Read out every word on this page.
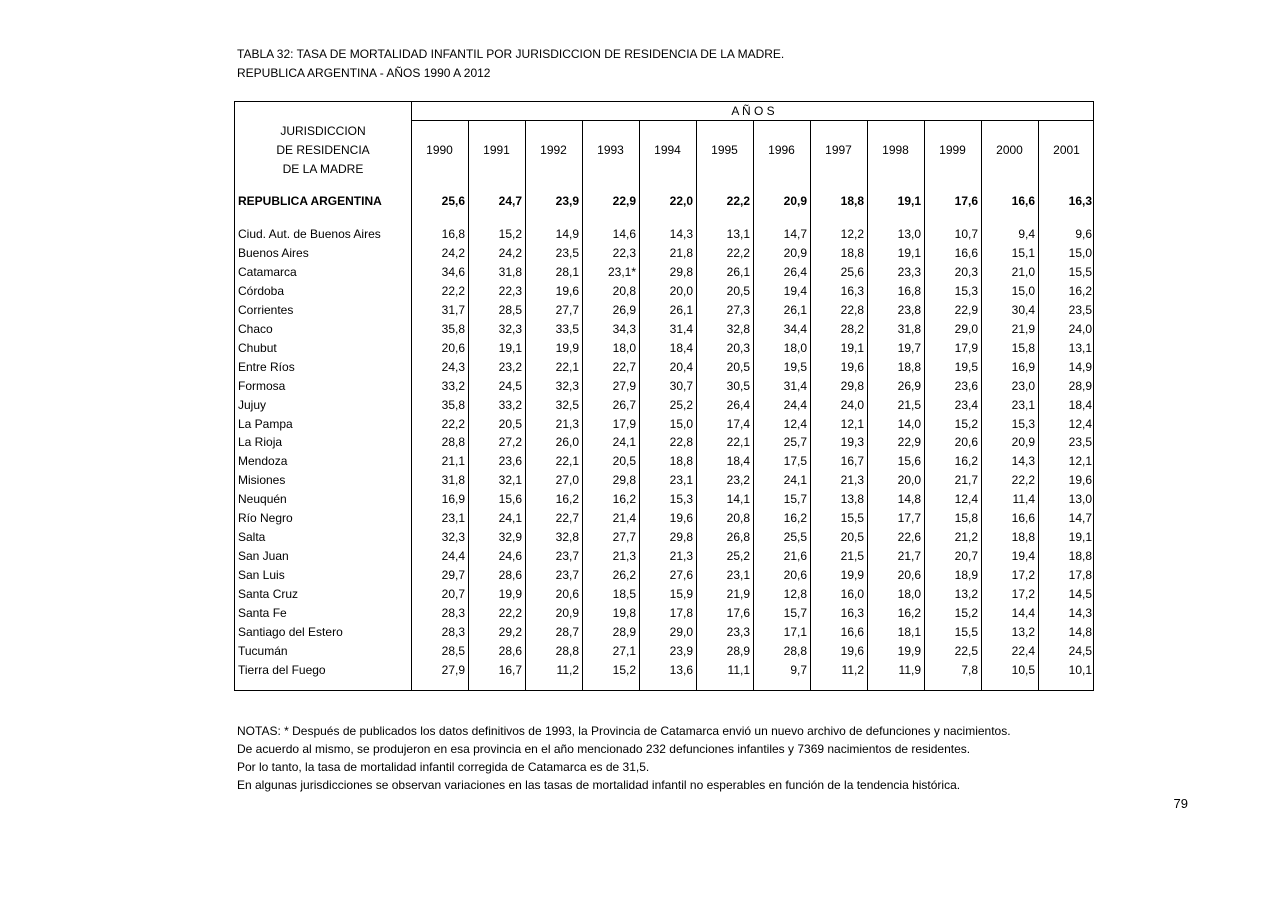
TABLA 32: TASA DE MORTALIDAD INFANTIL POR JURISDICCION DE RESIDENCIA DE LA MADRE.
REPUBLICA ARGENTINA - AÑOS 1990 A 2012
A Ñ O S
JURISDICCION
DE RESIDENCIA
DE LA MADRE
1990	1991	1992	1993	1994	1995	1996	1997	1998	1999	2000	2001
REPUBLICA ARGENTINA	25,6	24,7	23,9	22,9	22,0	22,2	20,9	18,8	19,1	17,6	16,6	16,3
Ciud. Aut. de Buenos Aires	16,8	15,2	14,9	14,6	14,3	13,1	14,7	12,2	13,0	10,7	9,4	9,6
Buenos Aires	24,2	24,2	23,5	22,3	21,8	22,2	20,9	18,8	19,1	16,6	15,1	15,0
Catamarca	34,6	31,8	28,1	23,1*	29,8	26,1	26,4	25,6	23,3	20,3	21,0	15,5
Córdoba	22,2	22,3	19,6	20,8	20,0	20,5	19,4	16,3	16,8	15,3	15,0	16,2
Corrientes	31,7	28,5	27,7	26,9	26,1	27,3	26,1	22,8	23,8	22,9	30,4	23,5
Chaco	35,8	32,3	33,5	34,3	31,4	32,8	34,4	28,2	31,8	29,0	21,9	24,0
Chubut	20,6	19,1	19,9	18,0	18,4	20,3	18,0	19,1	19,7	17,9	15,8	13,1
Entre Ríos	24,3	23,2	22,1	22,7	20,4	20,5	19,5	19,6	18,8	19,5	16,9	14,9
Formosa	33,2	24,5	32,3	27,9	30,7	30,5	31,4	29,8	26,9	23,6	23,0	28,9
Jujuy	35,8	33,2	32,5	26,7	25,2	26,4	24,4	24,0	21,5	23,4	23,1	18,4
La Pampa	22,2	20,5	21,3	17,9	15,0	17,4	12,4	12,1	14,0	15,2	15,3	12,4
La Rioja	28,8	27,2	26,0	24,1	22,8	22,1	25,7	19,3	22,9	20,6	20,9	23,5
Mendoza	21,1	23,6	22,1	20,5	18,8	18,4	17,5	16,7	15,6	16,2	14,3	12,1
Misiones	31,8	32,1	27,0	29,8	23,1	23,2	24,1	21,3	20,0	21,7	22,2	19,6
Neuquén	16,9	15,6	16,2	16,2	15,3	14,1	15,7	13,8	14,8	12,4	11,4	13,0
Río Negro	23,1	24,1	22,7	21,4	19,6	20,8	16,2	15,5	17,7	15,8	16,6	14,7
Salta	32,3	32,9	32,8	27,7	29,8	26,8	25,5	20,5	22,6	21,2	18,8	19,1
San Juan	24,4	24,6	23,7	21,3	21,3	25,2	21,6	21,5	21,7	20,7	19,4	18,8
San Luis	29,7	28,6	23,7	26,2	27,6	23,1	20,6	19,9	20,6	18,9	17,2	17,8
Santa Cruz	20,7	19,9	20,6	18,5	15,9	21,9	12,8	16,0	18,0	13,2	17,2	14,5
Santa Fe	28,3	22,2	20,9	19,8	17,8	17,6	15,7	16,3	16,2	15,2	14,4	14,3
Santiago del Estero	28,3	29,2	28,7	28,9	29,0	23,3	17,1	16,6	18,1	15,5	13,2	14,8
Tucumán	28,5	28,6	28,8	27,1	23,9	28,9	28,8	19,6	19,9	22,5	22,4	24,5
Tierra del Fuego	27,9	16,7	11,2	15,2	13,6	11,1	9,7	11,2	11,9	7,8	10,5	10,1
NOTAS: * Después de publicados los datos definitivos de 1993, la Provincia de Catamarca envió un nuevo archivo de defunciones y nacimientos.
De acuerdo al mismo, se produjeron en esa provincia en el año mencionado 232 defunciones infantiles y 7369 nacimientos de residentes.
Por lo tanto, la tasa de mortalidad infantil corregida de Catamarca es de 31,5.
En algunas jurisdicciones se observan variaciones en las tasas de mortalidad infantil no esperables en función de la tendencia histórica.
79
